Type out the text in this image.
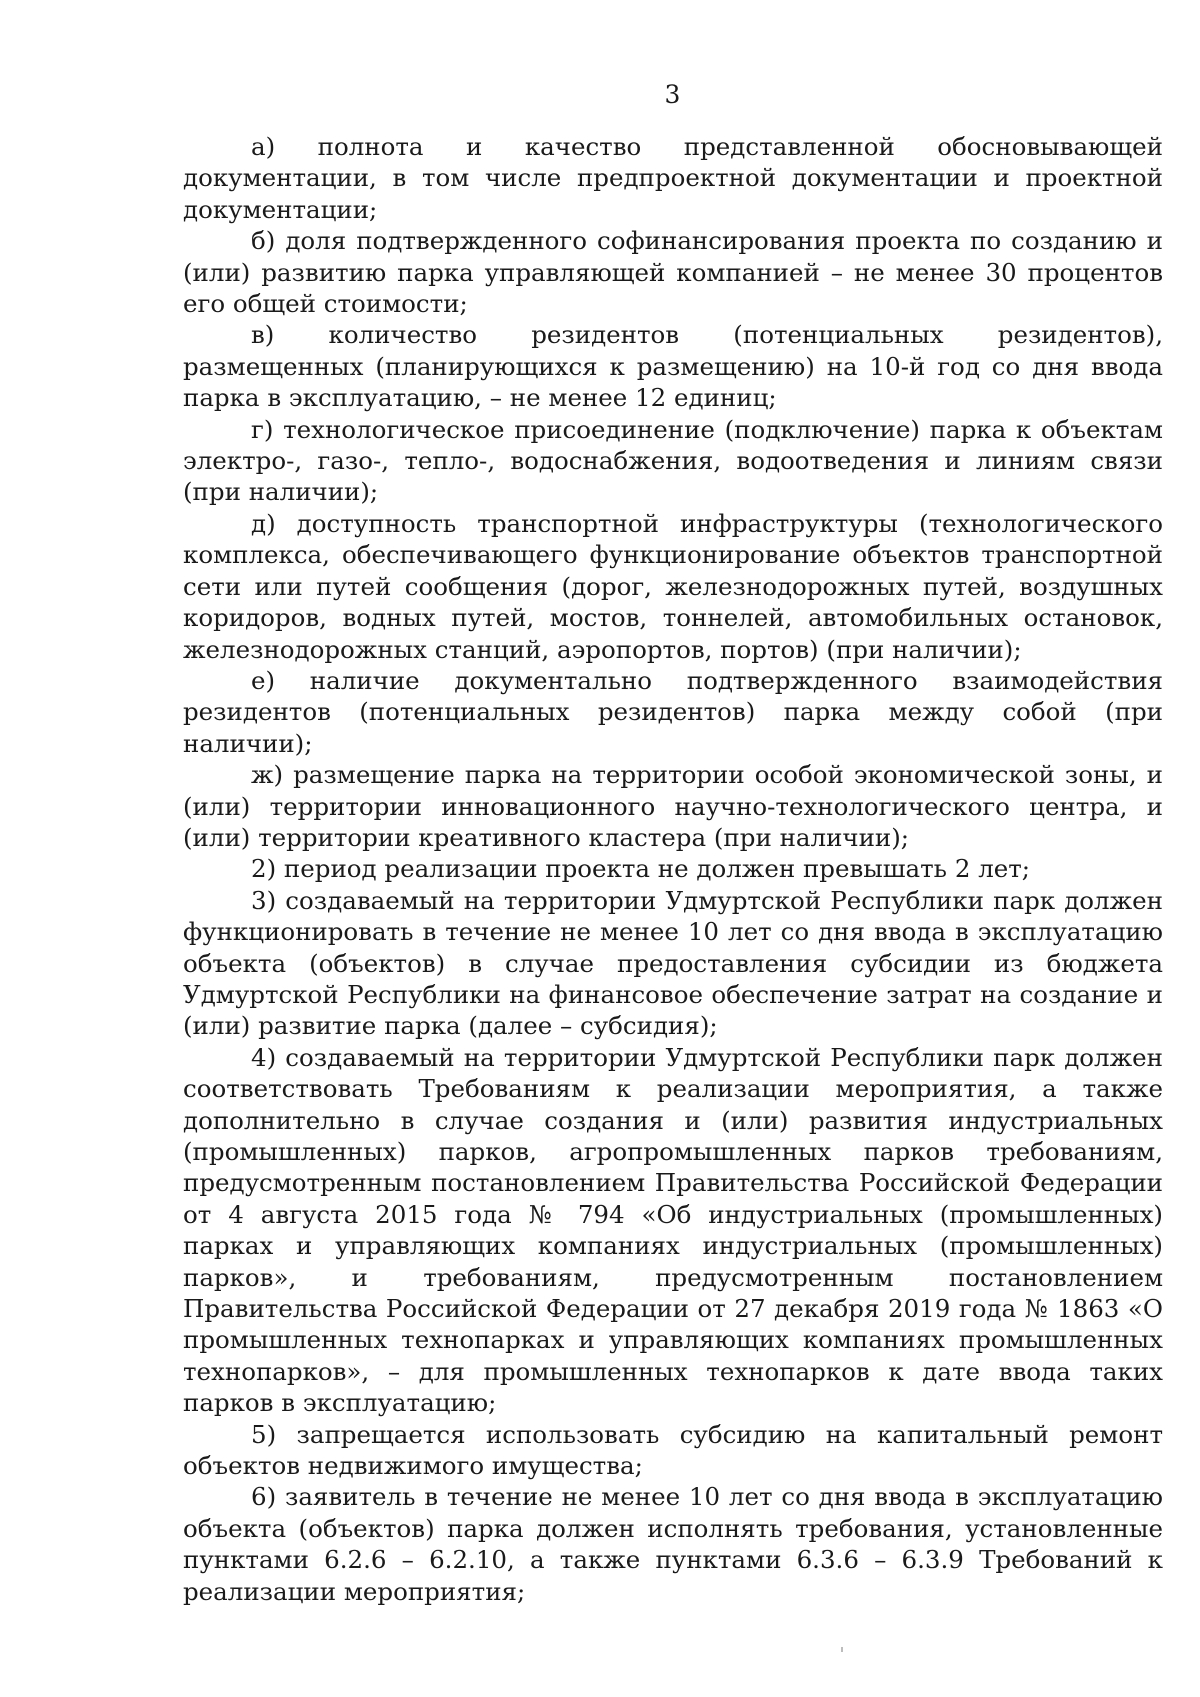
3

а) полнота и качество представленной обосновывающей документации, в том числе предпроектной документации и проектной документации;

б) доля подтвержденного софинансирования проекта по созданию и (или) развитию парка управляющей компанией – не менее 30 процентов его общей стоимости;

в) количество резидентов (потенциальных резидентов), размещенных (планирующихся к размещению) на 10-й год со дня ввода парка в эксплуатацию, – не менее 12 единиц;

г) технологическое присоединение (подключение) парка к объектам электро-, газо-, тепло-, водоснабжения, водоотведения и линиям связи (при наличии);

д) доступность транспортной инфраструктуры (технологического комплекса, обеспечивающего функционирование объектов транспортной сети или путей сообщения (дорог, железнодорожных путей, воздушных коридоров, водных путей, мостов, тоннелей, автомобильных остановок, железнодорожных станций, аэропортов, портов) (при наличии);

е) наличие документально подтвержденного взаимодействия резидентов (потенциальных резидентов) парка между собой (при наличии);

ж) размещение парка на территории особой экономической зоны, и (или) территории инновационного научно-технологического центра, и (или) территории креативного кластера (при наличии);

2) период реализации проекта не должен превышать 2 лет;

3) создаваемый на территории Удмуртской Республики парк должен функционировать в течение не менее 10 лет со дня ввода в эксплуатацию объекта (объектов) в случае предоставления субсидии из бюджета Удмуртской Республики на финансовое обеспечение затрат на создание и (или) развитие парка (далее – субсидия);

4) создаваемый на территории Удмуртской Республики парк должен соответствовать Требованиям к реализации мероприятия, а также дополнительно в случае создания и (или) развития индустриальных (промышленных) парков, агропромышленных парков требованиям, предусмотренным постановлением Правительства Российской Федерации от 4 августа 2015 года № 794 «Об индустриальных (промышленных) парках и управляющих компаниях индустриальных (промышленных) парков», и требованиям, предусмотренным постановлением Правительства Российской Федерации от 27 декабря 2019 года № 1863 «О промышленных технопарках и управляющих компаниях промышленных технопарков», – для промышленных технопарков к дате ввода таких парков в эксплуатацию;

5) запрещается использовать субсидию на капитальный ремонт объектов недвижимого имущества;

6) заявитель в течение не менее 10 лет со дня ввода в эксплуатацию объекта (объектов) парка должен исполнять требования, установленные пунктами 6.2.6 – 6.2.10, а также пунктами 6.3.6 – 6.3.9 Требований к реализации мероприятия;
